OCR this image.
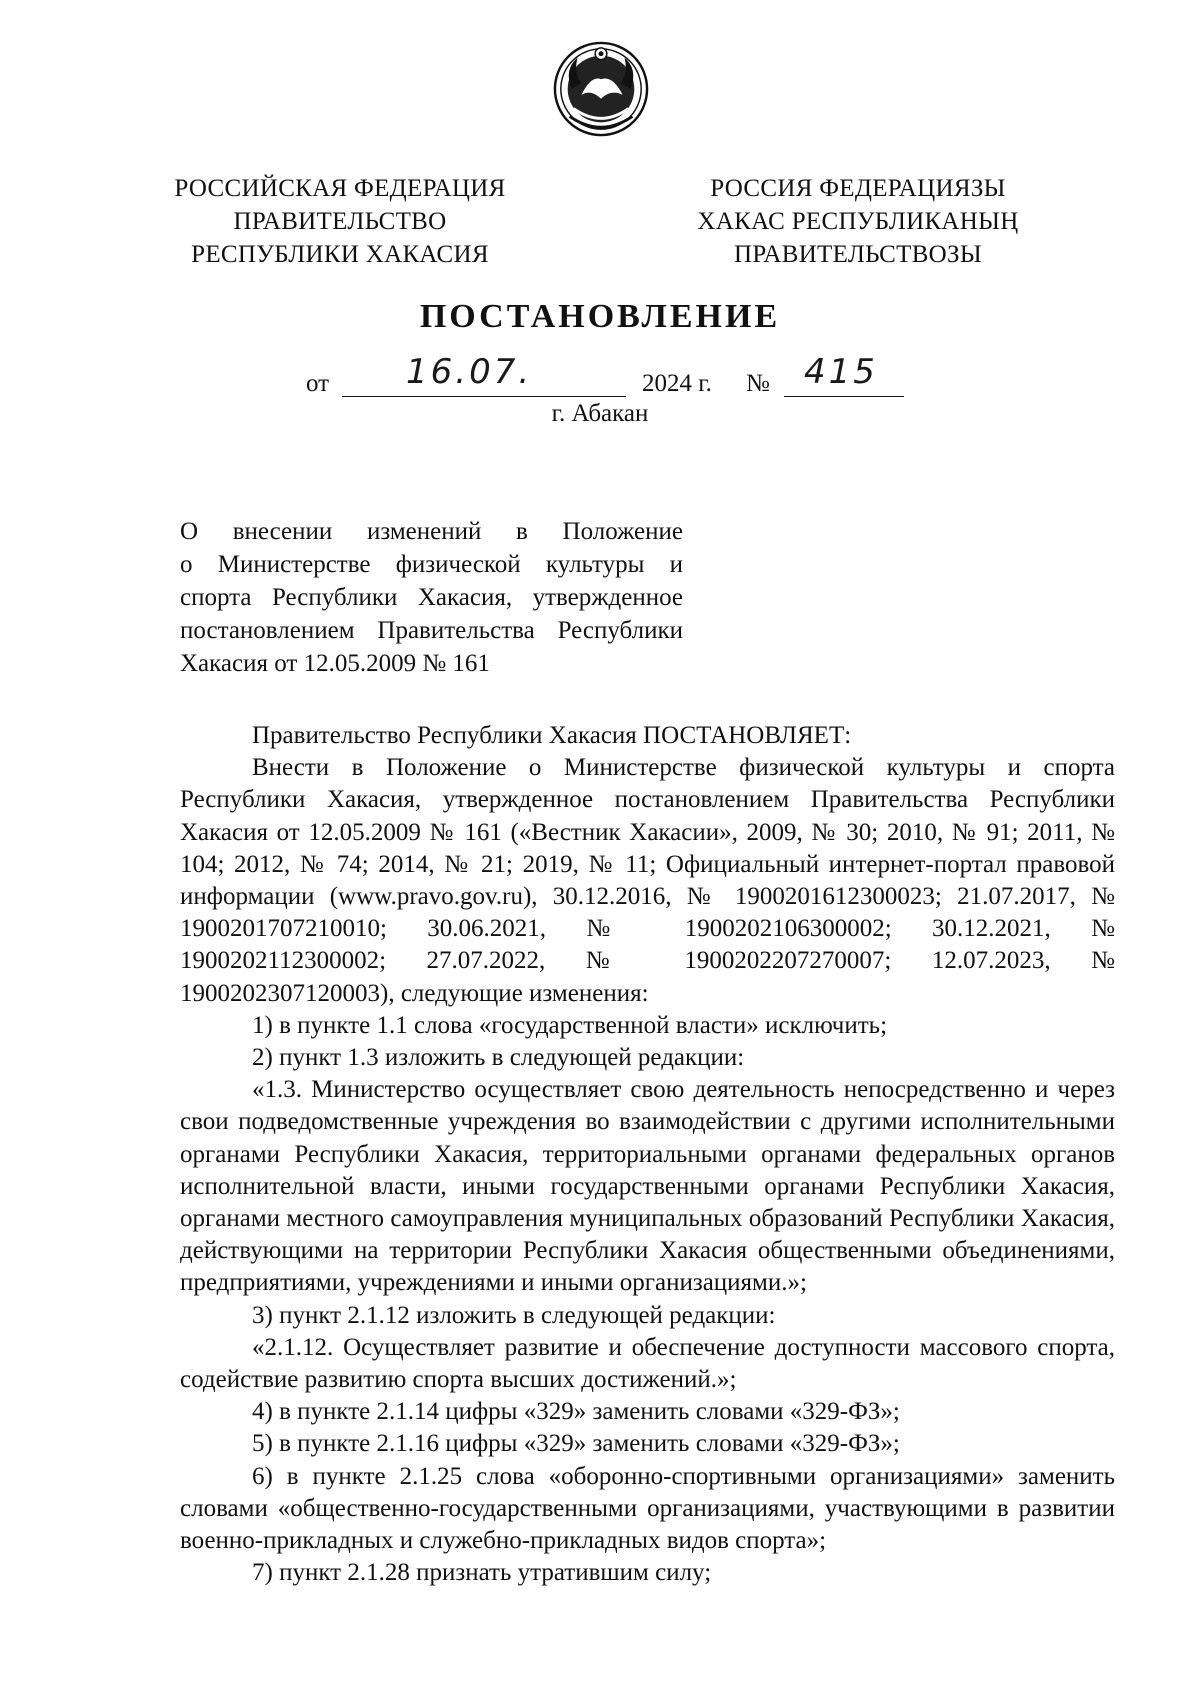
РОССИЙСКАЯ ФЕДЕРАЦИЯ
ПРАВИТЕЛЬСТВО
РЕСПУБЛИКИ ХАКАСИЯ
РОССИЯ ФЕДЕРАЦИЯЗЫ
ХАКАС РЕСПУБЛИКАНЫҢ
ПРАВИТЕЛЬСТВОЗЫ
ПОСТАНОВЛЕНИЕ
от 16.07.	2024 г. № 415
г. Абакан
О внесении изменений в Положение
о Министерстве физической культуры и
спорта Республики Хакасия, утвержденное
постановлением Правительства Республики
Хакасия от 12.05.2009 № 161

Правительство Республики Хакасия ПОСТАНОВЛЯЕТ:

Внести в Положение о Министерстве физической культуры и спорта Республики Хакасия, утвержденное постановлением Правительства Республики Хакасия от 12.05.2009 № 161 («Вестник Хакасии», 2009, № 30; 2010, № 91; 2011, № 104; 2012, № 74; 2014, № 21; 2019, № 11; Официальный интернет-портал правовой информации (www.pravo.gov.ru), 30.12.2016, № 1900201612300023; 21.07.2017, № 1900201707210010; 30.06.2021, № 1900202106300002; 30.12.2021, № 1900202112300002; 27.07.2022, № 1900202207270007; 12.07.2023, № 1900202307120003), следующие изменения:

1) в пункте 1.1 слова «государственной власти» исключить;

2) пункт 1.3 изложить в следующей редакции:

«1.3. Министерство осуществляет свою деятельность непосредственно и через свои подведомственные учреждения во взаимодействии с другими исполнительными органами Республики Хакасия, территориальными органами федеральных органов исполнительной власти, иными государственными органами Республики Хакасия, органами местного самоуправления муниципальных образований Республики Хакасия, действующими на территории Республики Хакасия общественными объединениями, предприятиями, учреждениями и иными организациями.»;

3) пункт 2.1.12 изложить в следующей редакции:

«2.1.12. Осуществляет развитие и обеспечение доступности массового спорта, содействие развитию спорта высших достижений.»;

4) в пункте 2.1.14 цифры «329» заменить словами «329-ФЗ»;

5) в пункте 2.1.16 цифры «329» заменить словами «329-ФЗ»;

6) в пункте 2.1.25 слова «оборонно-спортивными организациями» заменить словами «общественно-государственными организациями, участвующими в развитии военно-прикладных и служебно-прикладных видов спорта»;

7) пункт 2.1.28 признать утратившим силу;
